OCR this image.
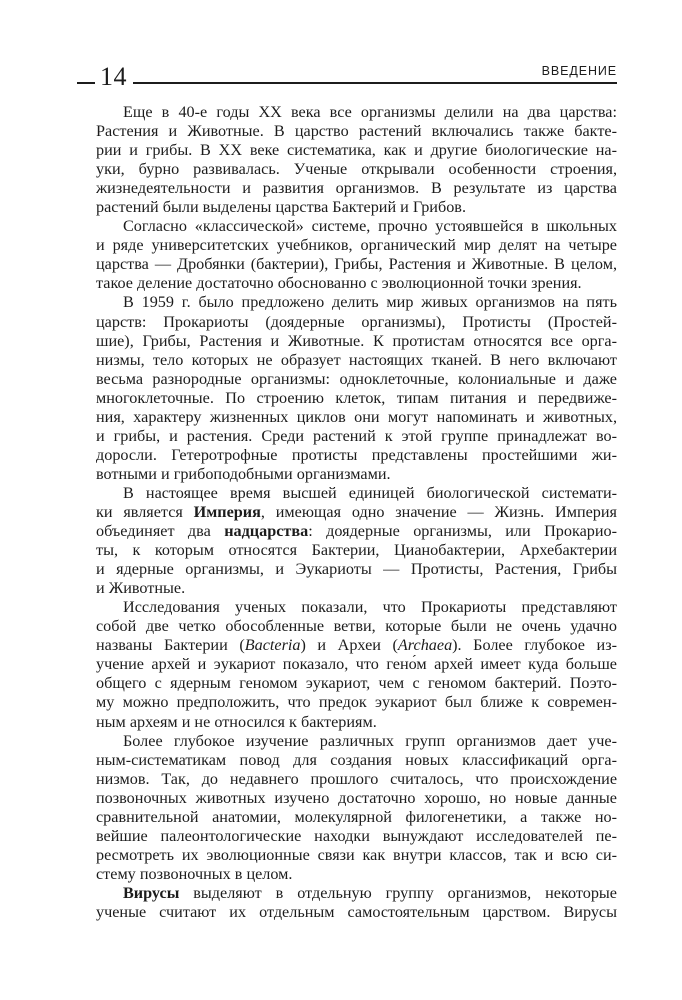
14	ВВЕДЕНИЕ
Еще в 40-е годы XX века все организмы делили на два царства:
Растения и Животные. В царство растений включались также бакте-
рии и грибы. В XX веке систематика, как и другие биологические на-
уки, бурно развивалась. Ученые открывали особенности строения,
жизнедеятельности и развития организмов. В результате из царства
растений были выделены царства Бактерий и Грибов.
Согласно «классической» системе, прочно устоявшейся в школьных
и ряде университетских учебников, органический мир делят на четыре
царства — Дробянки (бактерии), Грибы, Растения и Животные. В целом,
такое деление достаточно обоснованно с эволюционной точки зрения.
В 1959 г. было предложено делить мир живых организмов на пять
царств: Прокариоты (доядерные организмы), Протисты (Простей-
шие), Грибы, Растения и Животные. К протистам относятся все орга-
низмы, тело которых не образует настоящих тканей. В него включают
весьма разнородные организмы: одноклеточные, колониальные и даже
многоклеточные. По строению клеток, типам питания и передвиже-
ния, характеру жизненных циклов они могут напоминать и животных,
и грибы, и растения. Среди растений к этой группе принадлежат во-
доросли. Гетеротрофные протисты представлены простейшими жи-
вотными и грибоподобными организмами.
В настоящее время высшей единицей биологической системати-
ки является Империя, имеющая одно значение — Жизнь. Империя
объединяет два надцарства: доядерные организмы, или Прокарио-
ты, к которым относятся Бактерии, Цианобактерии, Архебактерии
и ядерные организмы, и Эукариоты — Протисты, Растения, Грибы
и Животные.
Исследования ученых показали, что Прокариоты представляют
собой две четко обособленные ветви, которые были не очень удачно
названы Бактерии (Bacteria) и Археи (Archaea). Более глубокое из-
учение архей и эукариот показало, что гено́м архей имеет куда больше
общего с ядерным геномом эукариот, чем с геномом бактерий. Поэто-
му можно предположить, что предок эукариот был ближе к современ-
ным археям и не относился к бактериям.
Более глубокое изучение различных групп организмов дает уче-
ным-систематикам повод для создания новых классификаций орга-
низмов. Так, до недавнего прошлого считалось, что происхождение
позвоночных животных изучено достаточно хорошо, но новые данные
сравнительной анатомии, молекулярной филогенетики, а также но-
вейшие палеонтологические находки вынуждают исследователей пе-
ресмотреть их эволюционные связи как внутри классов, так и всю си-
стему позвоночных в целом.
Вирусы выделяют в отдельную группу организмов, некоторые
ученые считают их отдельным самостоятельным царством. Вирусы
